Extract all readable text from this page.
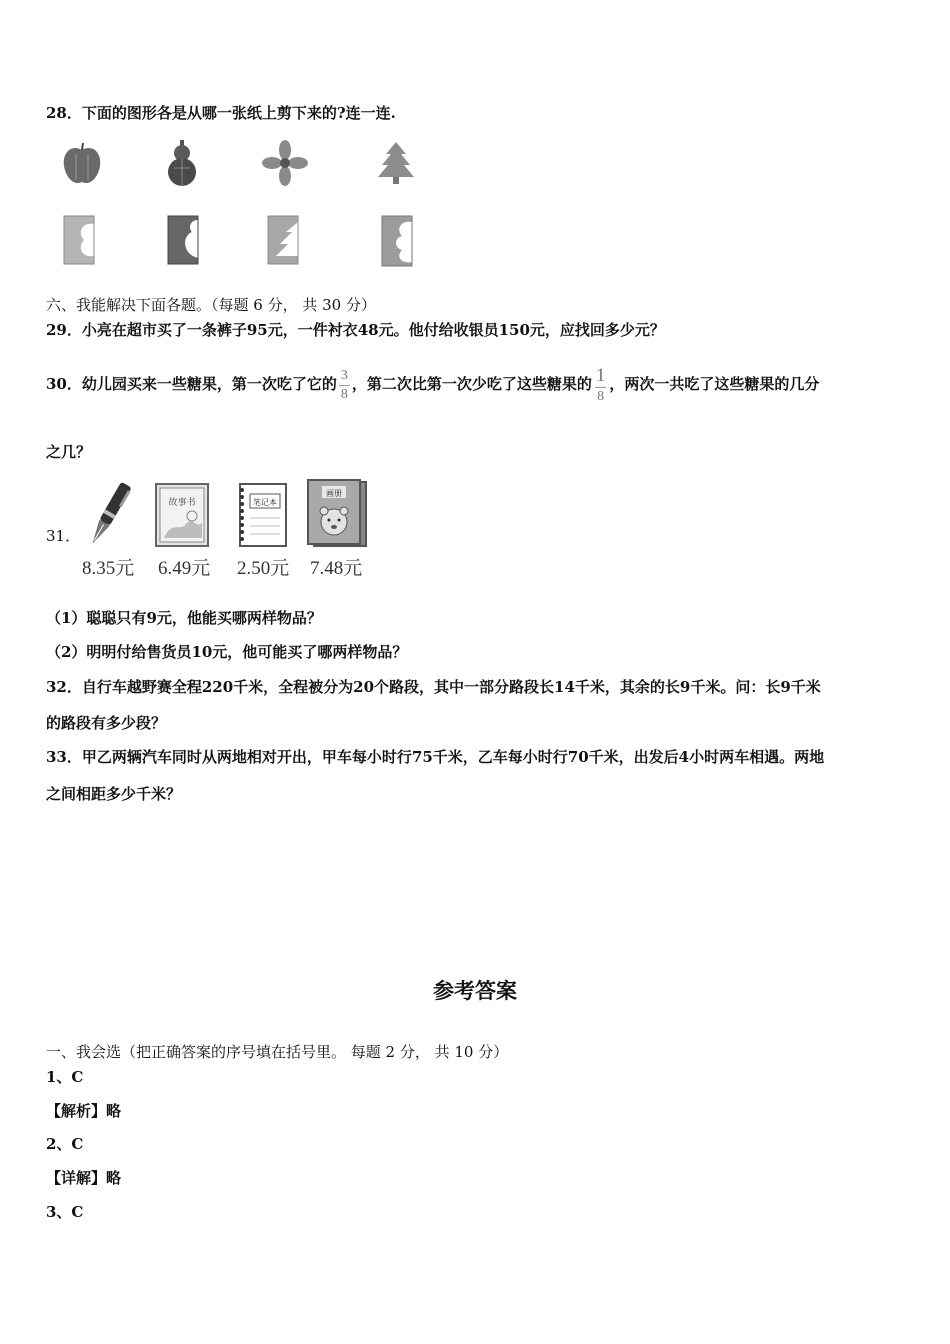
28．下面的图形各是从哪一张纸上剪下来的?连一连.
六、我能解决下面各题。（每题 6 分， 共 30 分）
29．小亮在超市买了一条裤子95元，一件衬衣48元。他付给收银员150元，应找回多少元？
30．幼儿园买来一些糖果，第一次吃了它的 $\frac{3}{8}$ ，第二次比第一次少吃了这些糖果的 $\frac{1}{8}$ ，两次一共吃了这些糖果的几分
之几？
31．
故事书	笔记本
画册
8.35元 6.49元 2.50元 7.48元
（1）聪聪只有9元，他能买哪两样物品？
（2）明明付给售货员10元，他可能买了哪两样物品？
32．自行车越野赛全程220千米，全程被分为20个路段，其中一部分路段长14千米，其余的长9千米。问：长9千米
的路段有多少段？
33．甲乙两辆汽车同时从两地相对开出，甲车每小时行75千米，乙车每小时行70千米，出发后4小时两车相遇。两地
之间相距多少千米？
参考答案
一、我会选（把正确答案的序号填在括号里。 每题 2 分， 共 10 分）
1、C
【解析】略
2、C
【详解】略
3、C
